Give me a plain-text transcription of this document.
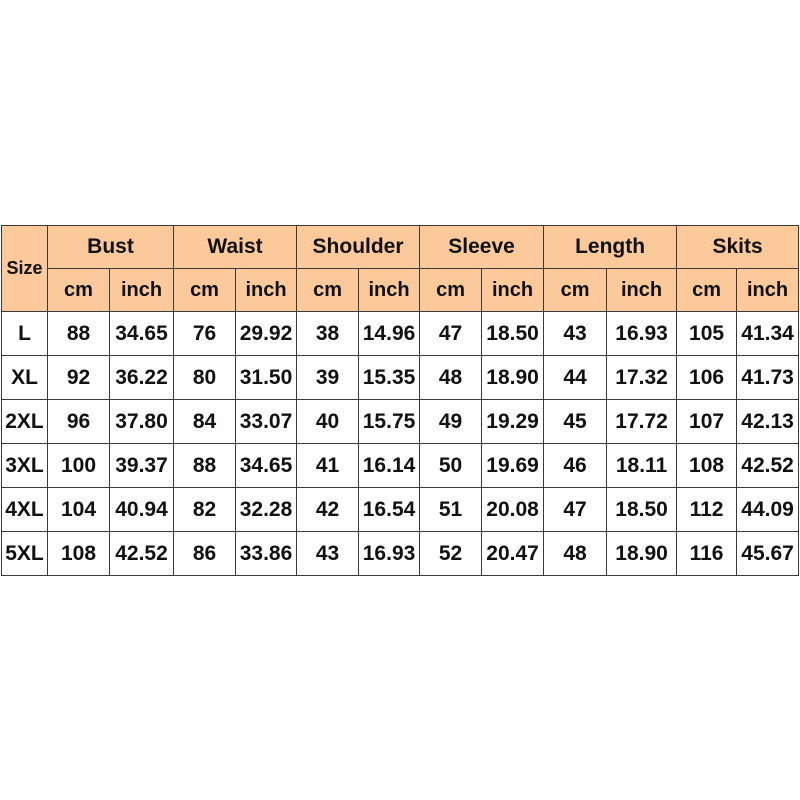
Size	Bust		Waist		Shoulder		Sleeve		Length		Skits	
	cm	inch	cm	inch	cm	inch	cm	inch	cm	inch	cm	inch
L	88	34.65	76	29.92	38	14.96	47	18.50	43	16.93	105	41.34
XL	92	36.22	80	31.50	39	15.35	48	18.90	44	17.32	106	41.73
2XL	96	37.80	84	33.07	40	15.75	49	19.29	45	17.72	107	42.13
3XL	100	39.37	88	34.65	41	16.14	50	19.69	46	18.11	108	42.52
4XL	104	40.94	82	32.28	42	16.54	51	20.08	47	18.50	112	44.09
5XL	108	42.52	86	33.86	43	16.93	52	20.47	48	18.90	116	45.67
